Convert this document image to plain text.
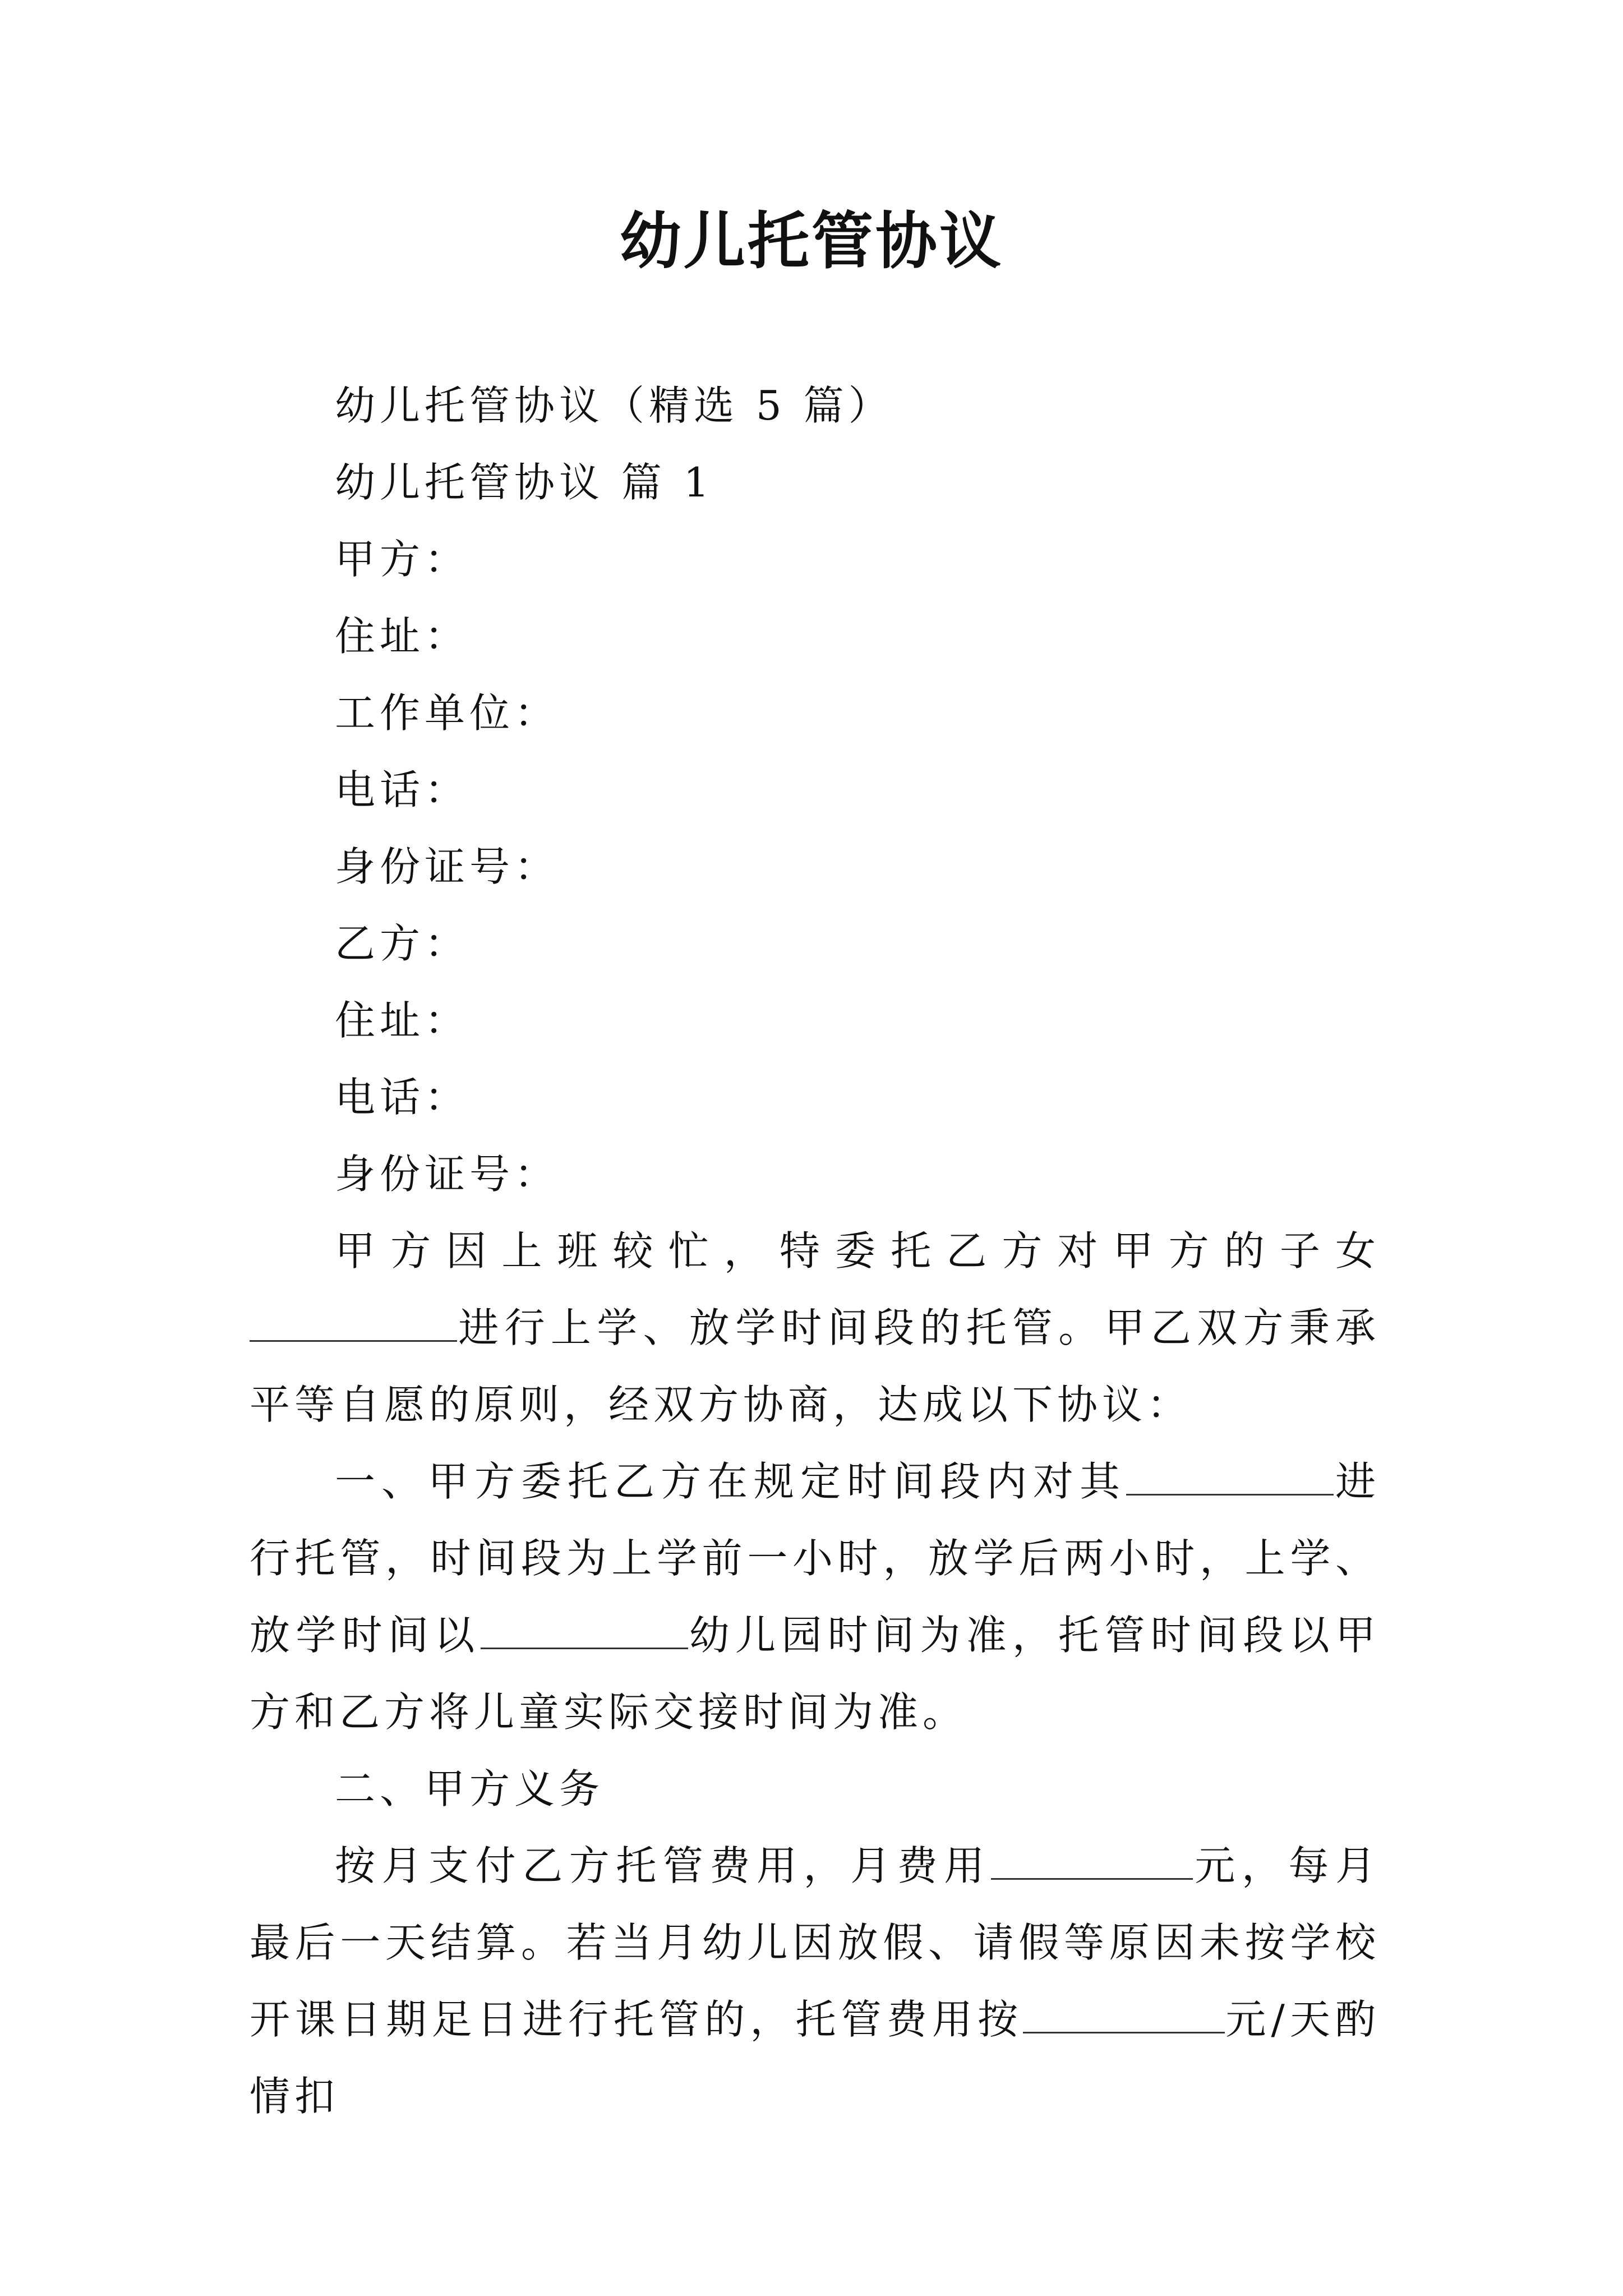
幼儿托管协议
幼儿托管协议（精选 5 篇）
幼儿托管协议 篇 1
甲方：
住址：
工作单位：
电话：
身份证号：
乙方：
住址：
电话：
身份证号：
甲方因上班较忙，特委托乙方对甲方的子女进行上学、放学时间段的托管。甲乙双方秉承平等自愿的原则，经双方协商，达成以下协议：
一、甲方委托乙方在规定时间段内对其	进行托管，时间段为上学前一小时，放学后两小时，上学、放学时间以	幼儿园时间为准，托管时间段以甲方和乙方将儿童实际交接时间为准。
二、甲方义务
按月支付乙方托管费用，月费用	元，每月最后一天结算。若当月幼儿因放假、请假等原因未按学校开课日期足日进行托管的，托管费用按	元/天酌情扣
